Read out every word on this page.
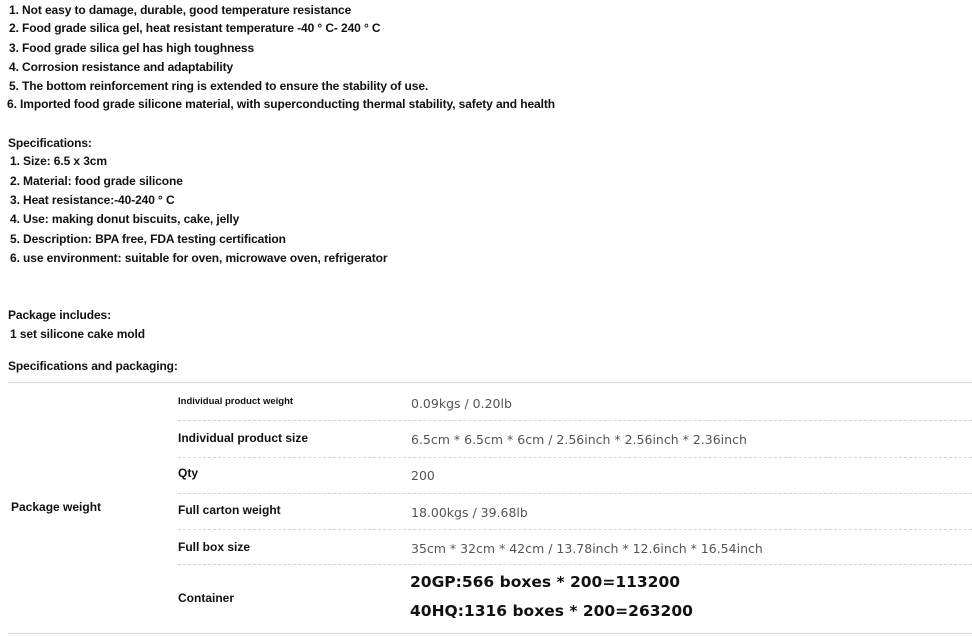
1. Not easy to damage, durable, good temperature resistance
2. Food grade silica gel, heat resistant temperature -40 ° C- 240 ° C
3. Food grade silica gel has high toughness
4. Corrosion resistance and adaptability
5. The bottom reinforcement ring is extended to ensure the stability of use.
6. Imported food grade silicone material, with superconducting thermal stability, safety and health
Specifications:
1. Size: 6.5 x 3cm
2. Material: food grade silicone
3. Heat resistance:-40-240 ° C
4. Use: making donut biscuits, cake, jelly
5. Description: BPA free, FDA testing certification
6. use environment: suitable for oven, microwave oven, refrigerator
Package includes:
1 set silicone cake mold
Specifications and packaging:
Package weight
Individual product weight	0.09kgs / 0.20lb
Individual product size	6.5cm * 6.5cm * 6cm / 2.56inch * 2.56inch * 2.36inch
Qty	200
Full carton weight	18.00kgs / 39.68lb
Full box size	35cm * 32cm * 42cm / 13.78inch * 12.6inch * 16.54inch
Container
20GP:566 boxes * 200=113200
40HQ:1316 boxes * 200=263200
